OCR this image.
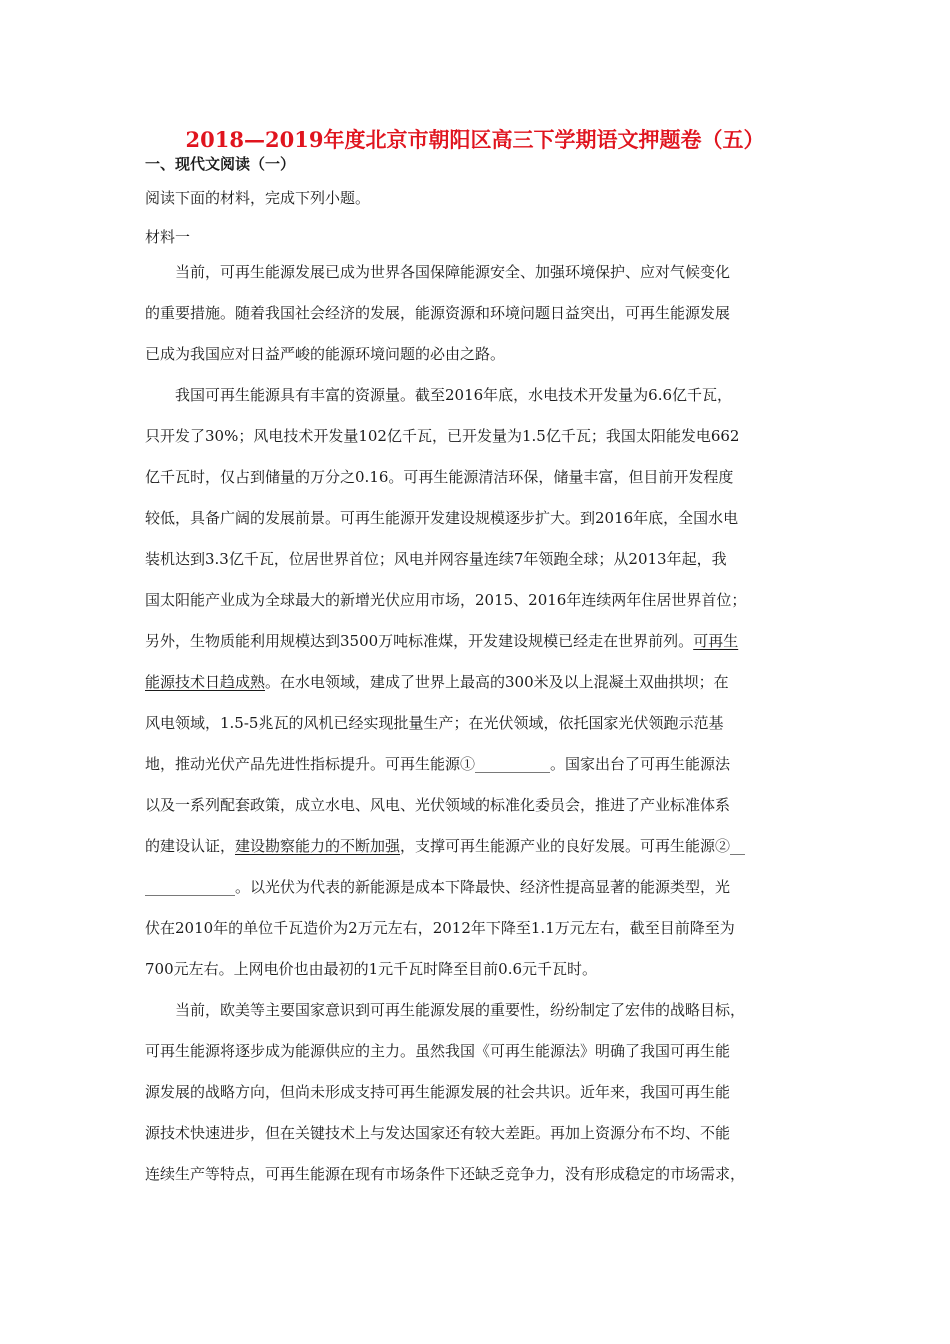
2018—2019年度北京市朝阳区高三下学期语文押题卷（五）
一、现代文阅读（一）
阅读下面的材料，完成下列小题。
材料一
　　当前，可再生能源发展已成为世界各国保障能源安全、加强环境保护、应对气候变化
的重要措施。随着我国社会经济的发展，能源资源和环境问题日益突出，可再生能源发展
已成为我国应对日益严峻的能源环境问题的必由之路。
　　我国可再生能源具有丰富的资源量。截至2016年底，水电技术开发量为6.6亿千瓦，
只开发了30%；风电技术开发量102亿千瓦，已开发量为1.5亿千瓦；我国太阳能发电662
亿千瓦时，仅占到储量的万分之0.16。可再生能源清洁环保，储量丰富，但目前开发程度
较低，具备广阔的发展前景。可再生能源开发建设规模逐步扩大。到2016年底，全国水电
装机达到3.3亿千瓦，位居世界首位；风电并网容量连续7年领跑全球；从2013年起，我
国太阳能产业成为全球最大的新增光伏应用市场，2015、2016年连续两年住居世界首位；
另外，生物质能利用规模达到3500万吨标准煤，开发建设规模已经走在世界前列。可再生
能源技术日趋成熟。在水电领域，建成了世界上最高的300米及以上混凝土双曲拱坝；在
风电领域，1.5-5兆瓦的风机已经实现批量生产；在光伏领域，依托国家光伏领跑示范基
地，推动光伏产品先进性指标提升。可再生能源①__________。国家出台了可再生能源法
以及一系列配套政策，成立水电、风电、光伏领域的标准化委员会，推进了产业标准体系
的建设认证，建设勘察能力的不断加强，支撑可再生能源产业的良好发展。可再生能源②__
____________。以光伏为代表的新能源是成本下降最快、经济性提高显著的能源类型，光
伏在2010年的单位千瓦造价为2万元左右，2012年下降至1.1万元左右，截至目前降至为
700元左右。上网电价也由最初的1元千瓦时降至目前0.6元千瓦时。
　　当前，欧美等主要国家意识到可再生能源发展的重要性，纷纷制定了宏伟的战略目标，
可再生能源将逐步成为能源供应的主力。虽然我国《可再生能源法》明确了我国可再生能
源发展的战略方向，但尚未形成支持可再生能源发展的社会共识。近年来，我国可再生能
源技术快速进步，但在关键技术上与发达国家还有较大差距。再加上资源分布不均、不能
连续生产等特点，可再生能源在现有市场条件下还缺乏竞争力，没有形成稳定的市场需求，
